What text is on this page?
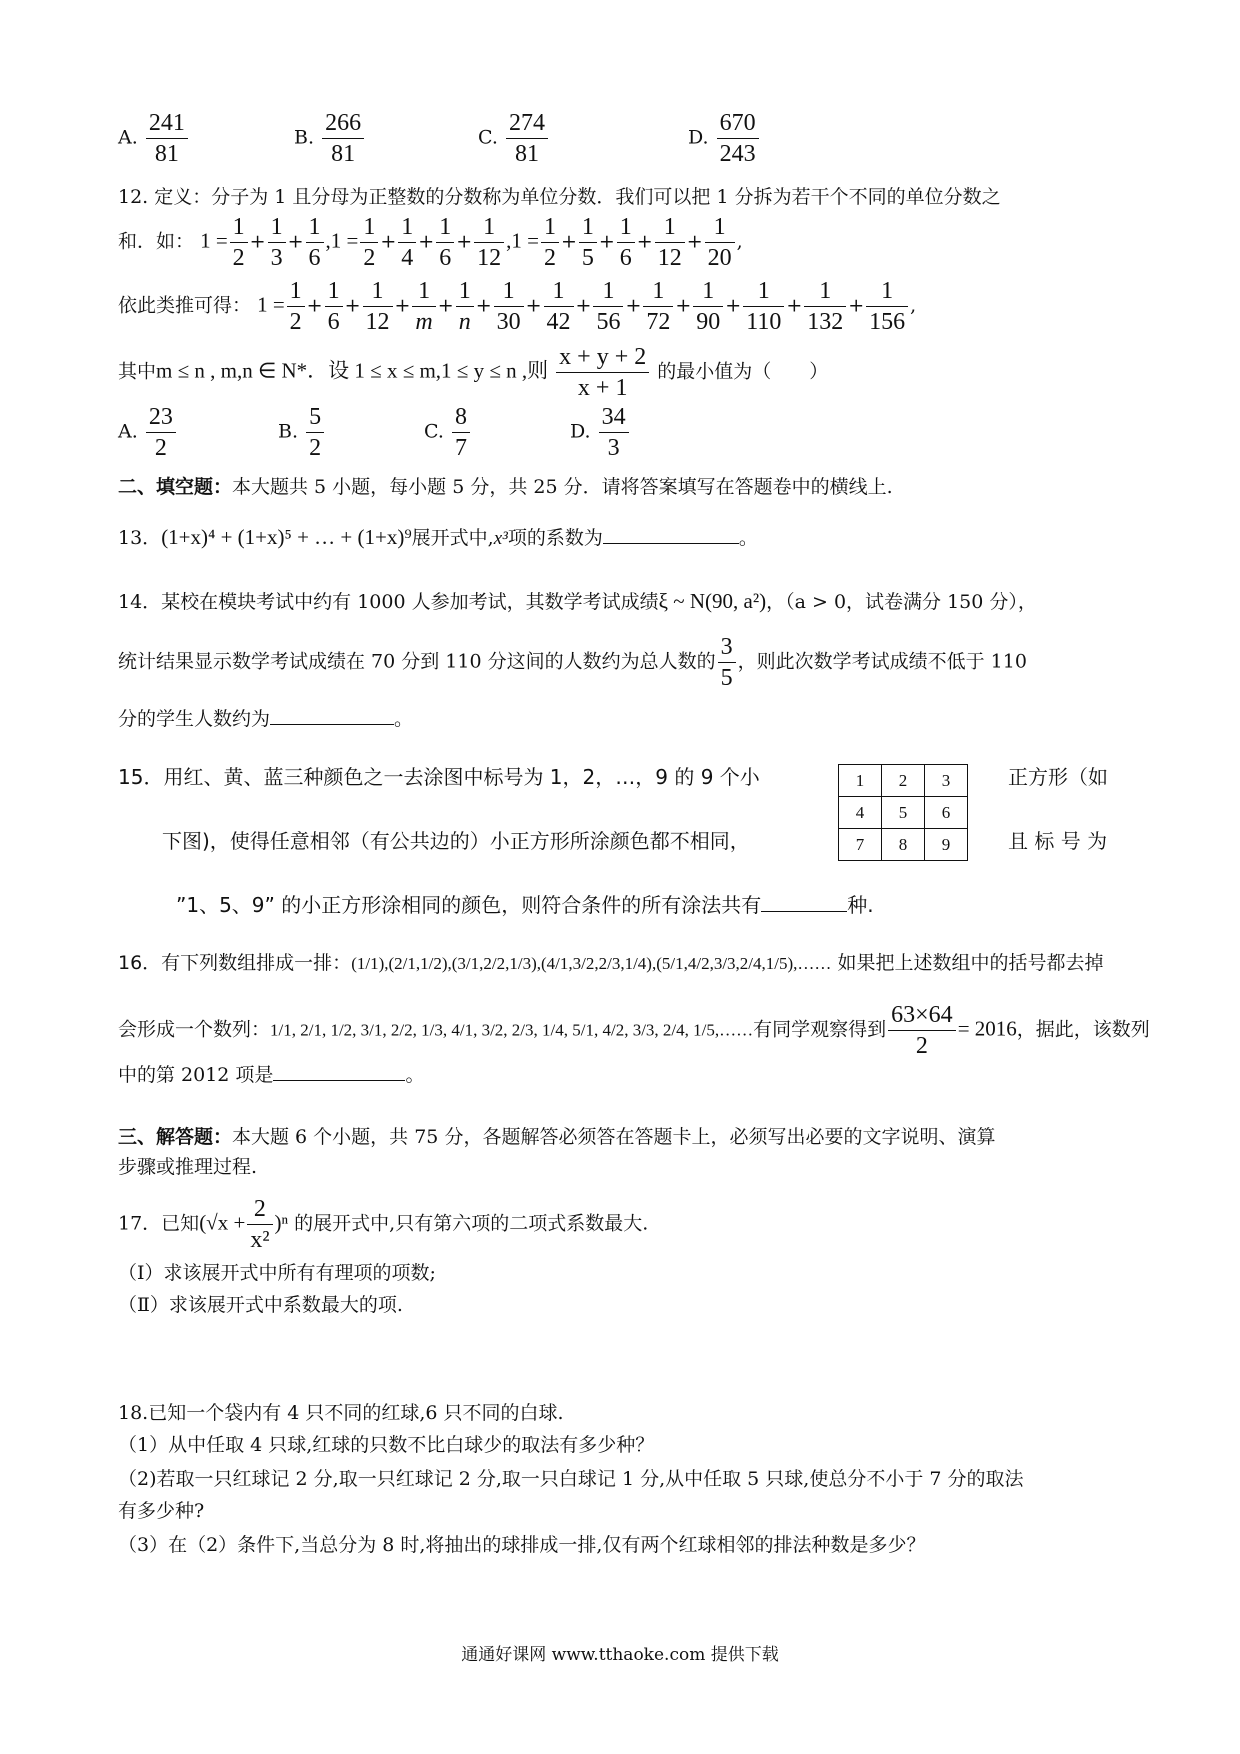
A. $\frac{241}{81}$	B. $\frac{266}{81}$	C. $\frac{274}{81}$	D. $\frac{670}{243}$
12. 定义：分子为 1 且分母为正整数的分数称为单位分数．我们可以把 1 分拆为若干个不同的单位分数之
和．如： $1 = \frac{1}{2} + \frac{1}{3} + \frac{1}{6} ,1 = \frac{1}{2} + \frac{1}{4} + \frac{1}{6} + \frac{1}{12} ,1 = \frac{1}{2} + \frac{1}{5} + \frac{1}{6} + \frac{1}{12} + \frac{1}{20}$ ,
依此类推可得： $1 = \frac{1}{2} + \frac{1}{6} + \frac{1}{12} + \frac{1}{m} + \frac{1}{n} + \frac{1}{30} + \frac{1}{42} + \frac{1}{56} + \frac{1}{72} + \frac{1}{90} + \frac{1}{110} + \frac{1}{132} + \frac{1}{156}$ ,
其中m ≤ n , m,n ∈ N*．设 1 ≤ x ≤ m,1 ≤ y ≤ n ,则 $\frac{x + y + 2}{x + 1}$ 的最小值为（　　）
A. $\frac{23}{2}$	B. $\frac{5}{2}$	C. $\frac{8}{7}$	D. $\frac{34}{3}$
二、填空题：本大题共 5 小题，每小题 5 分，共 25 分．请将答案填写在答题卷中的横线上.
13．(1+x)⁴ + (1+x)⁵ + … + (1+x)⁹展开式中,x³项的系数为	。
14．某校在模块考试中约有 1000 人参加考试，其数学考试成绩ξ ~ N(90, a²)，（a > 0，试卷满分 150 分），
统计结果显示数学考试成绩在 70 分到 110 分这间的人数约为总人数的 $\frac{3}{5}$ ，则此次数学考试成绩不低于 110
分的学生人数约为	。
15．用红、黄、蓝三种颜色之一去涂图中标号为 1，2，…，9 的 9 个小	正方形（如
下图)，使得任意相邻（有公共边的）小正方形所涂颜色都不相同，	且 标 号 为
”1、5、9” 的小正方形涂相同的颜色，则符合条件的所有涂法共有	种.
1	2	3
4	5	6
7	8	9
16．有下列数组排成一排：(1/1),(2/1,1/2),(3/1,2/2,1/3),(4/1,3/2,2/3,1/4),(5/1,4/2,3/3,2/4,1/5),…… 如果把上述数组中的括号都去掉
会形成一个数列：1/1, 2/1, 1/2, 3/1, 2/2, 1/3, 4/1, 3/2, 2/3, 1/4, 5/1, 4/2, 3/3, 2/4, 1/5,……有同学观察得到 $\frac{63\times 64}{2} = 2016$，据此，该数列
中的第 2012 项是	。
三、解答题：本大题 6 个小题，共 75 分，各题解答必须答在答题卡上，必须写出必要的文字说明、演算
步骤或推理过程.
17．已知$(√x + \frac{2}{\text{x²}} )^n$ 的展开式中,只有第六项的二项式系数最大.
（Ⅰ）求该展开式中所有有理项的项数;
（Ⅱ）求该展开式中系数最大的项.
18.已知一个袋内有 4 只不同的红球,6 只不同的白球.
（1）从中任取 4 只球,红球的只数不比白球少的取法有多少种？
（2)若取一只红球记 2 分,取一只红球记 2 分,取一只白球记 1 分,从中任取 5 只球,使总分不小于 7 分的取法
有多少种?
（3）在（2）条件下,当总分为 8 时,将抽出的球排成一排,仅有两个红球相邻的排法种数是多少？
通通好课网 www.tthaoke.com 提供下载
